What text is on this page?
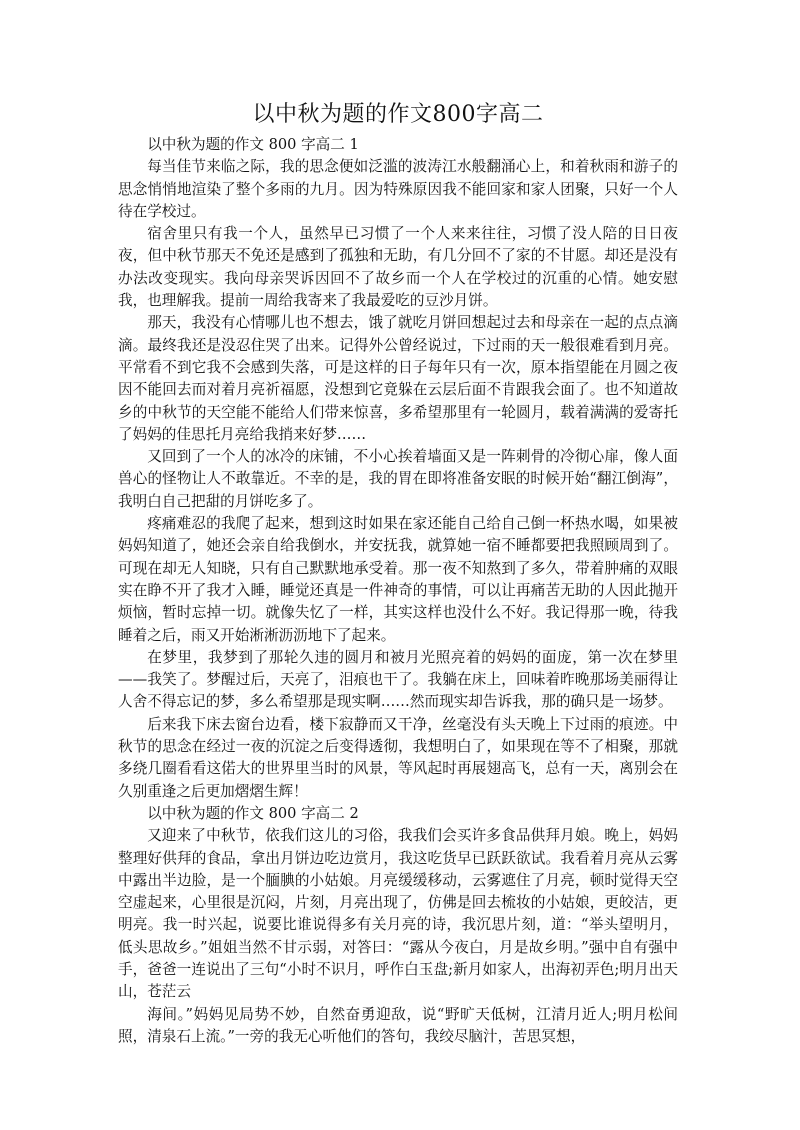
以中秋为题的作文800字高二

以中秋为题的作文 800 字高二 1

每当佳节来临之际，我的思念便如泛滥的波涛江水般翻涌心上，和着秋雨和游子的思念悄悄地渲染了整个多雨的九月。因为特殊原因我不能回家和家人团聚，只好一个人待在学校过。

宿舍里只有我一个人，虽然早已习惯了一个人来来往往，习惯了没人陪的日日夜夜，但中秋节那天不免还是感到了孤独和无助，有几分回不了家的不甘愿。却还是没有办法改变现实。我向母亲哭诉因回不了故乡而一个人在学校过的沉重的心情。她安慰我，也理解我。提前一周给我寄来了我最爱吃的豆沙月饼。

那天，我没有心情哪儿也不想去，饿了就吃月饼回想起过去和母亲在一起的点点滴滴。最终我还是没忍住哭了出来。记得外公曾经说过，下过雨的天一般很难看到月亮。平常看不到它我不会感到失落，可是这样的日子每年只有一次，原本指望能在月圆之夜因不能回去而对着月亮祈福愿，没想到它竟躲在云层后面不肯跟我会面了。也不知道故乡的中秋节的天空能不能给人们带来惊喜，多希望那里有一轮圆月，载着满满的爱寄托了妈妈的佳思托月亮给我捎来好梦……

又回到了一个人的冰冷的床铺，不小心挨着墙面又是一阵刺骨的冷彻心扉，像人面兽心的怪物让人不敢靠近。不幸的是，我的胃在即将准备安眠的时候开始“翻江倒海”，我明白自己把甜的月饼吃多了。

疼痛难忍的我爬了起来，想到这时如果在家还能自己给自己倒一杯热水喝，如果被妈妈知道了，她还会亲自给我倒水，并安抚我，就算她一宿不睡都要把我照顾周到了。可现在却无人知晓，只有自己默默地承受着。那一夜不知熬到了多久，带着肿痛的双眼实在睁不开了我才入睡，睡觉还真是一件神奇的事情，可以让再痛苦无助的人因此抛开烦恼，暂时忘掉一切。就像失忆了一样，其实这样也没什么不好。我记得那一晚，待我睡着之后，雨又开始淅淅沥沥地下了起来。

在梦里，我梦到了那轮久违的圆月和被月光照亮着的妈妈的面庞，第一次在梦里——我笑了。梦醒过后，天亮了，泪痕也干了。我躺在床上，回味着昨晚那场美丽得让人舍不得忘记的梦，多么希望那是现实啊……然而现实却告诉我，那的确只是一场梦。

后来我下床去窗台边看，楼下寂静而又干净，丝毫没有头天晚上下过雨的痕迹。中秋节的思念在经过一夜的沉淀之后变得透彻，我想明白了，如果现在等不了相聚，那就多绕几圈看看这偌大的世界里当时的风景，等风起时再展翅高飞，总有一天，离别会在久别重逢之后更加熠熠生辉！

以中秋为题的作文 800 字高二 2

又迎来了中秋节，依我们这儿的习俗，我我们会买许多食品供拜月娘。晚上，妈妈整理好供拜的食品，拿出月饼边吃边赏月，我这吃货早已跃跃欲试。我看着月亮从云雾中露出半边脸，是一个腼腆的小姑娘。月亮缓缓移动，云雾遮住了月亮，顿时觉得天空空虚起来，心里很是沉闷，片刻，月亮出现了，仿佛是回去梳妆的小姑娘，更皎洁，更明亮。我一时兴起，说要比谁说得多有关月亮的诗，我沉思片刻，道：“举头望明月，低头思故乡。”姐姐当然不甘示弱，对答曰：“露从今夜白，月是故乡明。”强中自有强中手，爸爸一连说出了三句“小时不识月，呼作白玉盘;新月如家人，出海初弄色;明月出天山，苍茫云

海间。”妈妈见局势不妙，自然奋勇迎敌，说“野旷天低树，江清月近人;明月松间照，清泉石上流。”一旁的我无心听他们的答句，我绞尽脑汁，苦思冥想，
